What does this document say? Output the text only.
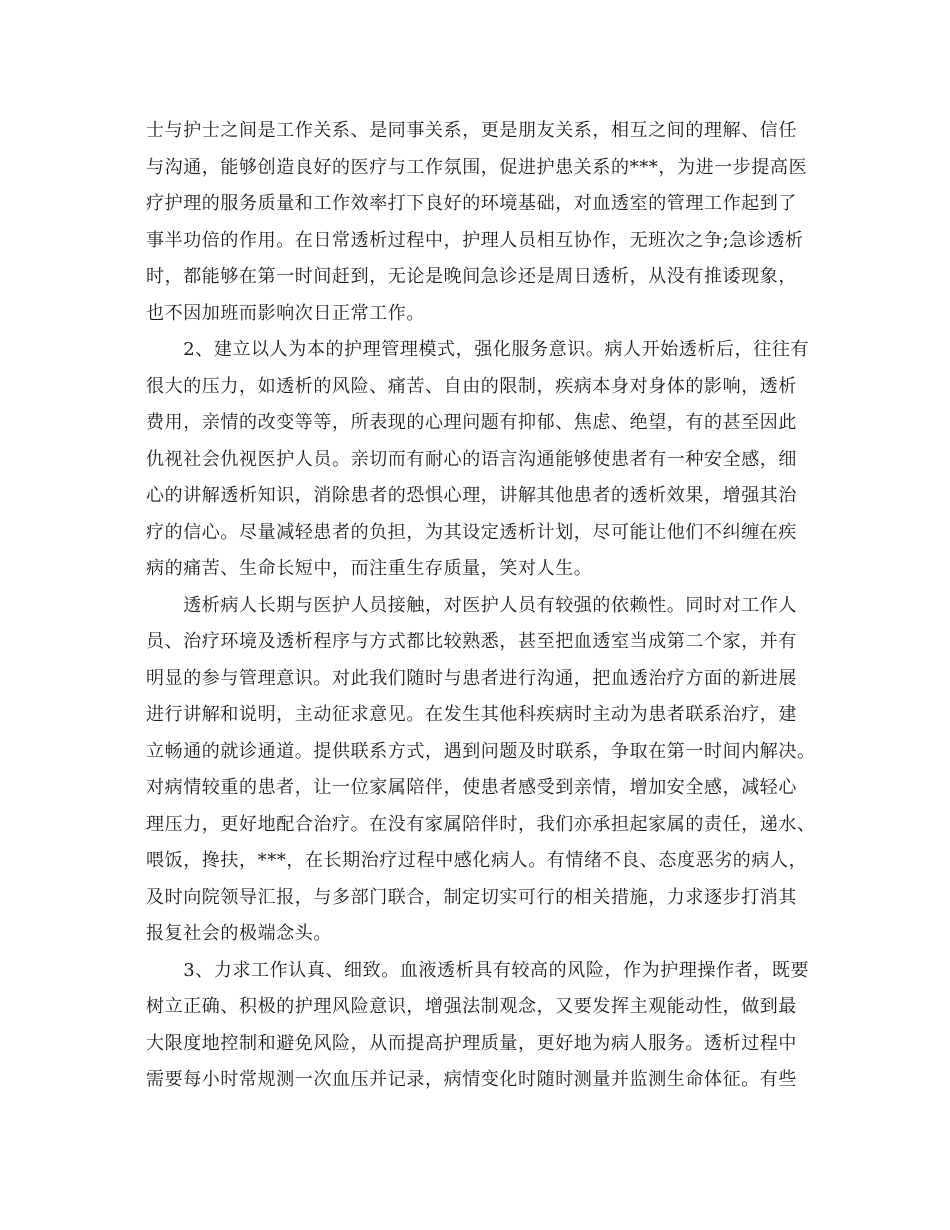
士与护士之间是工作关系、是同事关系，更是朋友关系，相互之间的理解、信任
与沟通，能够创造良好的医疗与工作氛围，促进护患关系的***，为进一步提高医
疗护理的服务质量和工作效率打下良好的环境基础，对血透室的管理工作起到了
事半功倍的作用。在日常透析过程中，护理人员相互协作，无班次之争;急诊透析
时，都能够在第一时间赶到，无论是晚间急诊还是周日透析，从没有推诿现象，
也不因加班而影响次日正常工作。
　　2、建立以人为本的护理管理模式，强化服务意识。病人开始透析后，往往有
很大的压力，如透析的风险、痛苦、自由的限制，疾病本身对身体的影响，透析
费用，亲情的改变等等，所表现的心理问题有抑郁、焦虑、绝望，有的甚至因此
仇视社会仇视医护人员。亲切而有耐心的语言沟通能够使患者有一种安全感，细
心的讲解透析知识，消除患者的恐惧心理，讲解其他患者的透析效果，增强其治
疗的信心。尽量减轻患者的负担，为其设定透析计划，尽可能让他们不纠缠在疾
病的痛苦、生命长短中，而注重生存质量，笑对人生。
　　透析病人长期与医护人员接触，对医护人员有较强的依赖性。同时对工作人
员、治疗环境及透析程序与方式都比较熟悉，甚至把血透室当成第二个家，并有
明显的参与管理意识。对此我们随时与患者进行沟通，把血透治疗方面的新进展
进行讲解和说明，主动征求意见。在发生其他科疾病时主动为患者联系治疗，建
立畅通的就诊通道。提供联系方式，遇到问题及时联系，争取在第一时间内解决。
对病情较重的患者，让一位家属陪伴，使患者感受到亲情，增加安全感，减轻心
理压力，更好地配合治疗。在没有家属陪伴时，我们亦承担起家属的责任，递水、
喂饭，搀扶，***，在长期治疗过程中感化病人。有情绪不良、态度恶劣的病人，
及时向院领导汇报，与多部门联合，制定切实可行的相关措施，力求逐步打消其
报复社会的极端念头。
　　3、力求工作认真、细致。血液透析具有较高的风险，作为护理操作者，既要
树立正确、积极的护理风险意识，增强法制观念，又要发挥主观能动性，做到最
大限度地控制和避免风险，从而提高护理质量，更好地为病人服务。透析过程中
需要每小时常规测一次血压并记录，病情变化时随时测量并监测生命体征。有些
